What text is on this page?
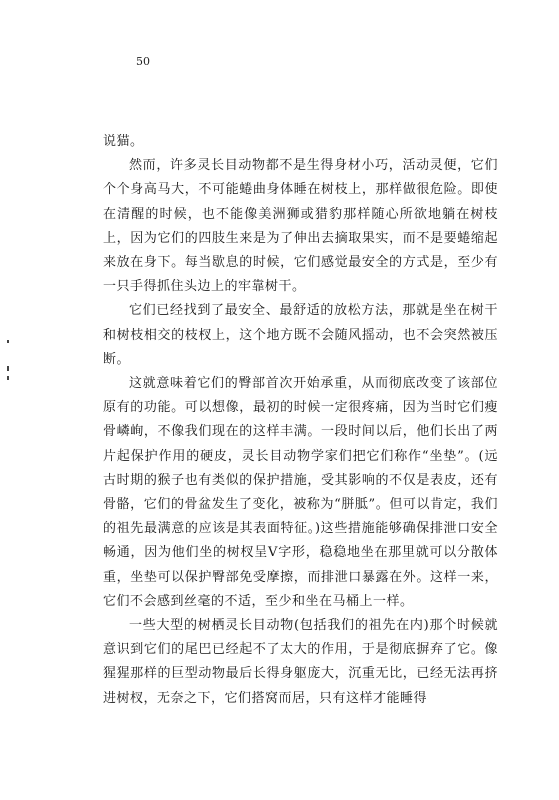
50

说猫。

然而，许多灵长目动物都不是生得身材小巧，活动灵便，它们个个身高马大，不可能蜷曲身体睡在树枝上，那样做很危险。即使在清醒的时候，也不能像美洲狮或猎豹那样随心所欲地躺在树枝上，因为它们的四肢生来是为了伸出去摘取果实，而不是要蜷缩起来放在身下。每当歇息的时候，它们感觉最安全的方式是，至少有一只手得抓住头边上的牢靠树干。

它们已经找到了最安全、最舒适的放松方法，那就是坐在树干和树枝相交的枝杈上，这个地方既不会随风摇动，也不会突然被压断。

这就意味着它们的臀部首次开始承重，从而彻底改变了该部位原有的功能。可以想像，最初的时候一定很疼痛，因为当时它们瘦骨嶙峋，不像我们现在的这样丰满。一段时间以后，他们长出了两片起保护作用的硬皮，灵长目动物学家们把它们称作“坐垫”。(远古时期的猴子也有类似的保护措施，受其影响的不仅是表皮，还有骨骼，它们的骨盆发生了变化，被称为“胼胝”。但可以肯定，我们的祖先最满意的应该是其表面特征。)这些措施能够确保排泄口安全畅通，因为他们坐的树杈呈Ⅴ字形，稳稳地坐在那里就可以分散体重，坐垫可以保护臀部免受摩擦，而排泄口暴露在外。这样一来，它们不会感到丝毫的不适，至少和坐在马桶上一样。

一些大型的树栖灵长目动物(包括我们的祖先在内)那个时候就意识到它们的尾巴已经起不了太大的作用，于是彻底摒弃了它。像猩猩那样的巨型动物最后长得身躯庞大，沉重无比，已经无法再挤进树杈，无奈之下，它们搭窝而居，只有这样才能睡得
